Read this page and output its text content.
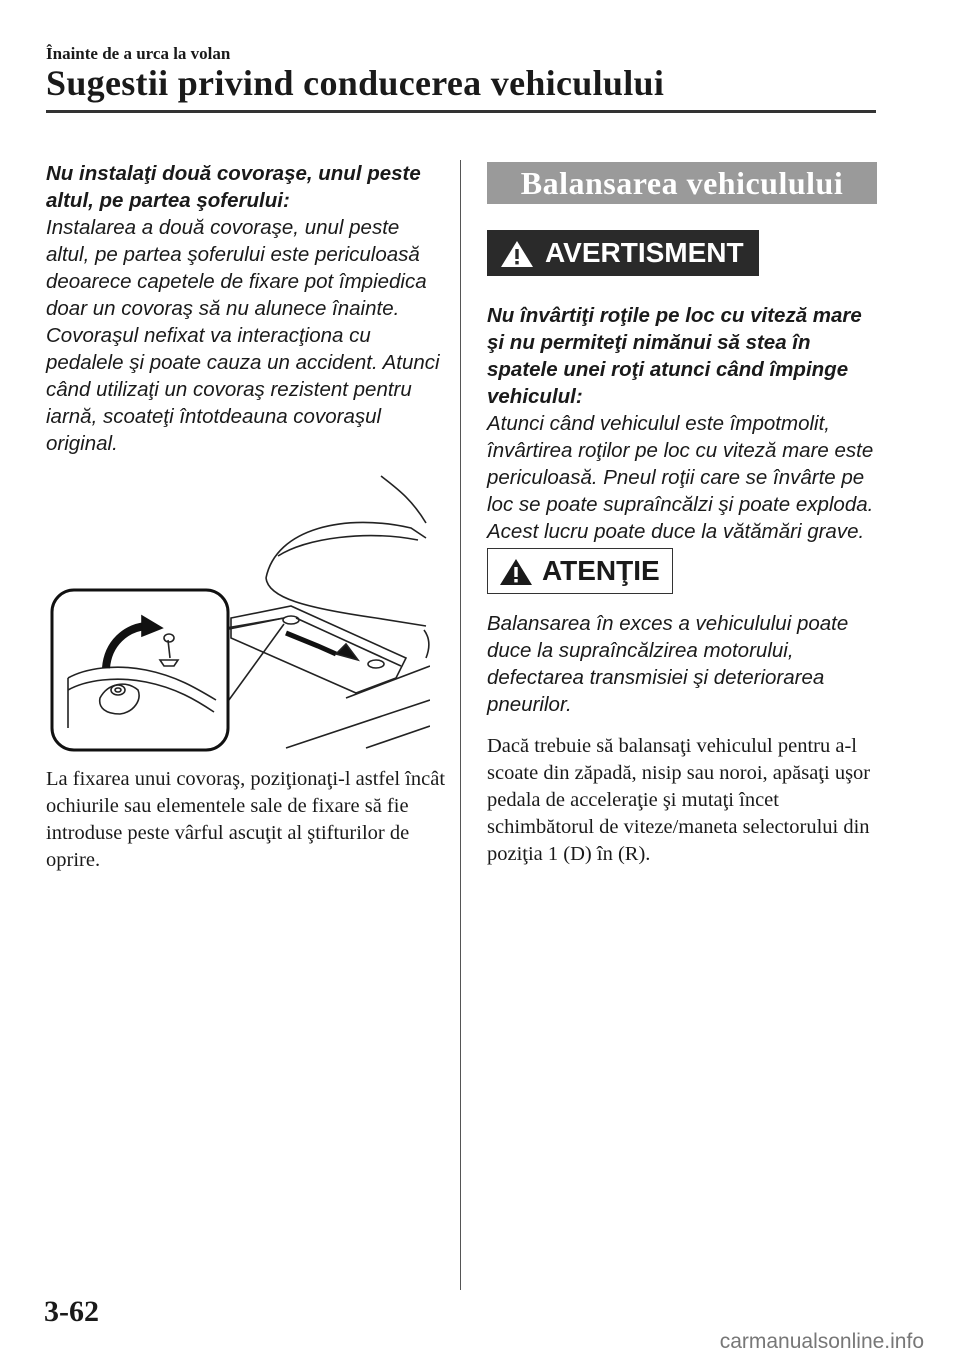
Înainte de a urca la volan
Sugestii privind conducerea vehiculului
Nu instalaţi două covoraşe, unul peste altul, pe partea şoferului:
Instalarea a două covoraşe, unul peste altul, pe partea şoferului este periculoasă deoarece capetele de fixare pot împiedica doar un covoraş să nu alunece înainte. Covoraşul nefixat va interacţiona cu pedalele şi poate cauza un accident. Atunci când utilizaţi un covoraş rezistent pentru iarnă, scoateţi întotdeauna covoraşul original.
La fixarea unui covoraş, poziţionaţi-l astfel încât ochiurile sau elementele sale de fixare să fie introduse peste vârful ascuţit al ştifturilor de oprire.
Balansarea vehiculului
AVERTISMENT
Nu învârtiţi roţile pe loc cu viteză mare şi nu permiteţi nimănui să stea în spatele unei roţi atunci când împinge vehiculul:
Atunci când vehiculul este împotmolit, învârtirea roţilor pe loc cu viteză mare este periculoasă. Pneul roţii care se învârte pe loc se poate supraîncălzi şi poate exploda. Acest lucru poate duce la vătămări grave.
ATENŢIE
Balansarea în exces a vehiculului poate duce la supraîncălzirea motorului, defectarea transmisiei şi deteriorarea pneurilor.
Dacă trebuie să balansaţi vehiculul pentru a-l scoate din zăpadă, nisip sau noroi, apăsaţi uşor pedala de acceleraţie şi mutaţi încet schimbătorul de viteze/maneta selectorului din poziţia 1 (D) în (R).
3-62
carmanualsonline.info
